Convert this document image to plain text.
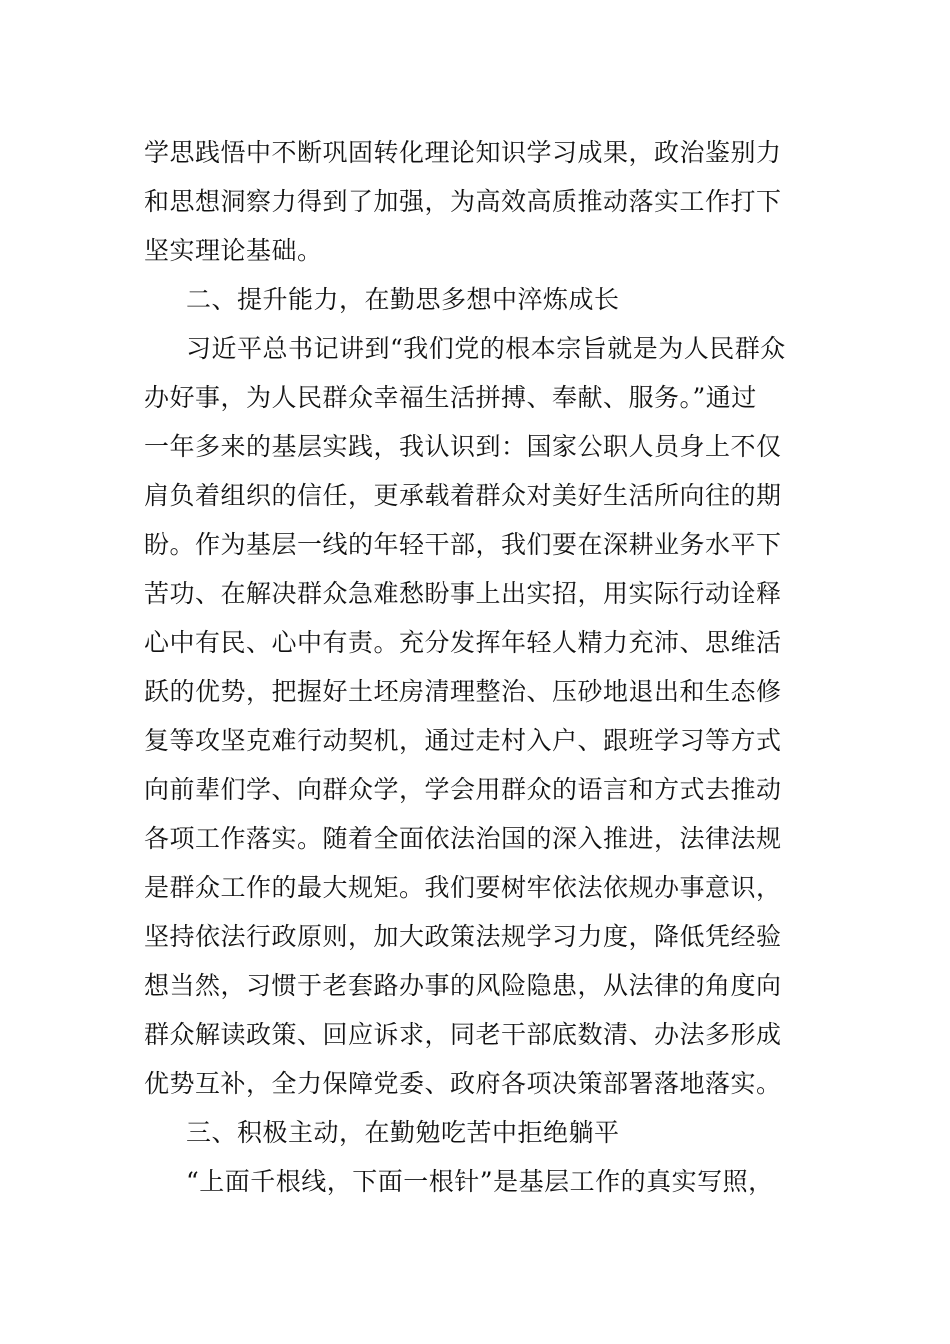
学思践悟中不断巩固转化理论知识学习成果，政治鉴别力
和思想洞察力得到了加强，为高效高质推动落实工作打下
坚实理论基础。
二、提升能力，在勤思多想中淬炼成长
习近平总书记讲到“我们党的根本宗旨就是为人民群众
办好事，为人民群众幸福生活拼搏、奉献、服务。”通过
一年多来的基层实践，我认识到：国家公职人员身上不仅
肩负着组织的信任，更承载着群众对美好生活所向往的期
盼。作为基层一线的年轻干部，我们要在深耕业务水平下
苦功、在解决群众急难愁盼事上出实招，用实际行动诠释
心中有民、心中有责。充分发挥年轻人精力充沛、思维活
跃的优势，把握好土坯房清理整治、压砂地退出和生态修
复等攻坚克难行动契机，通过走村入户、跟班学习等方式
向前辈们学、向群众学，学会用群众的语言和方式去推动
各项工作落实。随着全面依法治国的深入推进，法律法规
是群众工作的最大规矩。我们要树牢依法依规办事意识，
坚持依法行政原则，加大政策法规学习力度，降低凭经验
想当然，习惯于老套路办事的风险隐患，从法律的角度向
群众解读政策、回应诉求，同老干部底数清、办法多形成
优势互补，全力保障党委、政府各项决策部署落地落实。
三、积极主动，在勤勉吃苦中拒绝躺平
“上面千根线，下面一根针”是基层工作的真实写照，
